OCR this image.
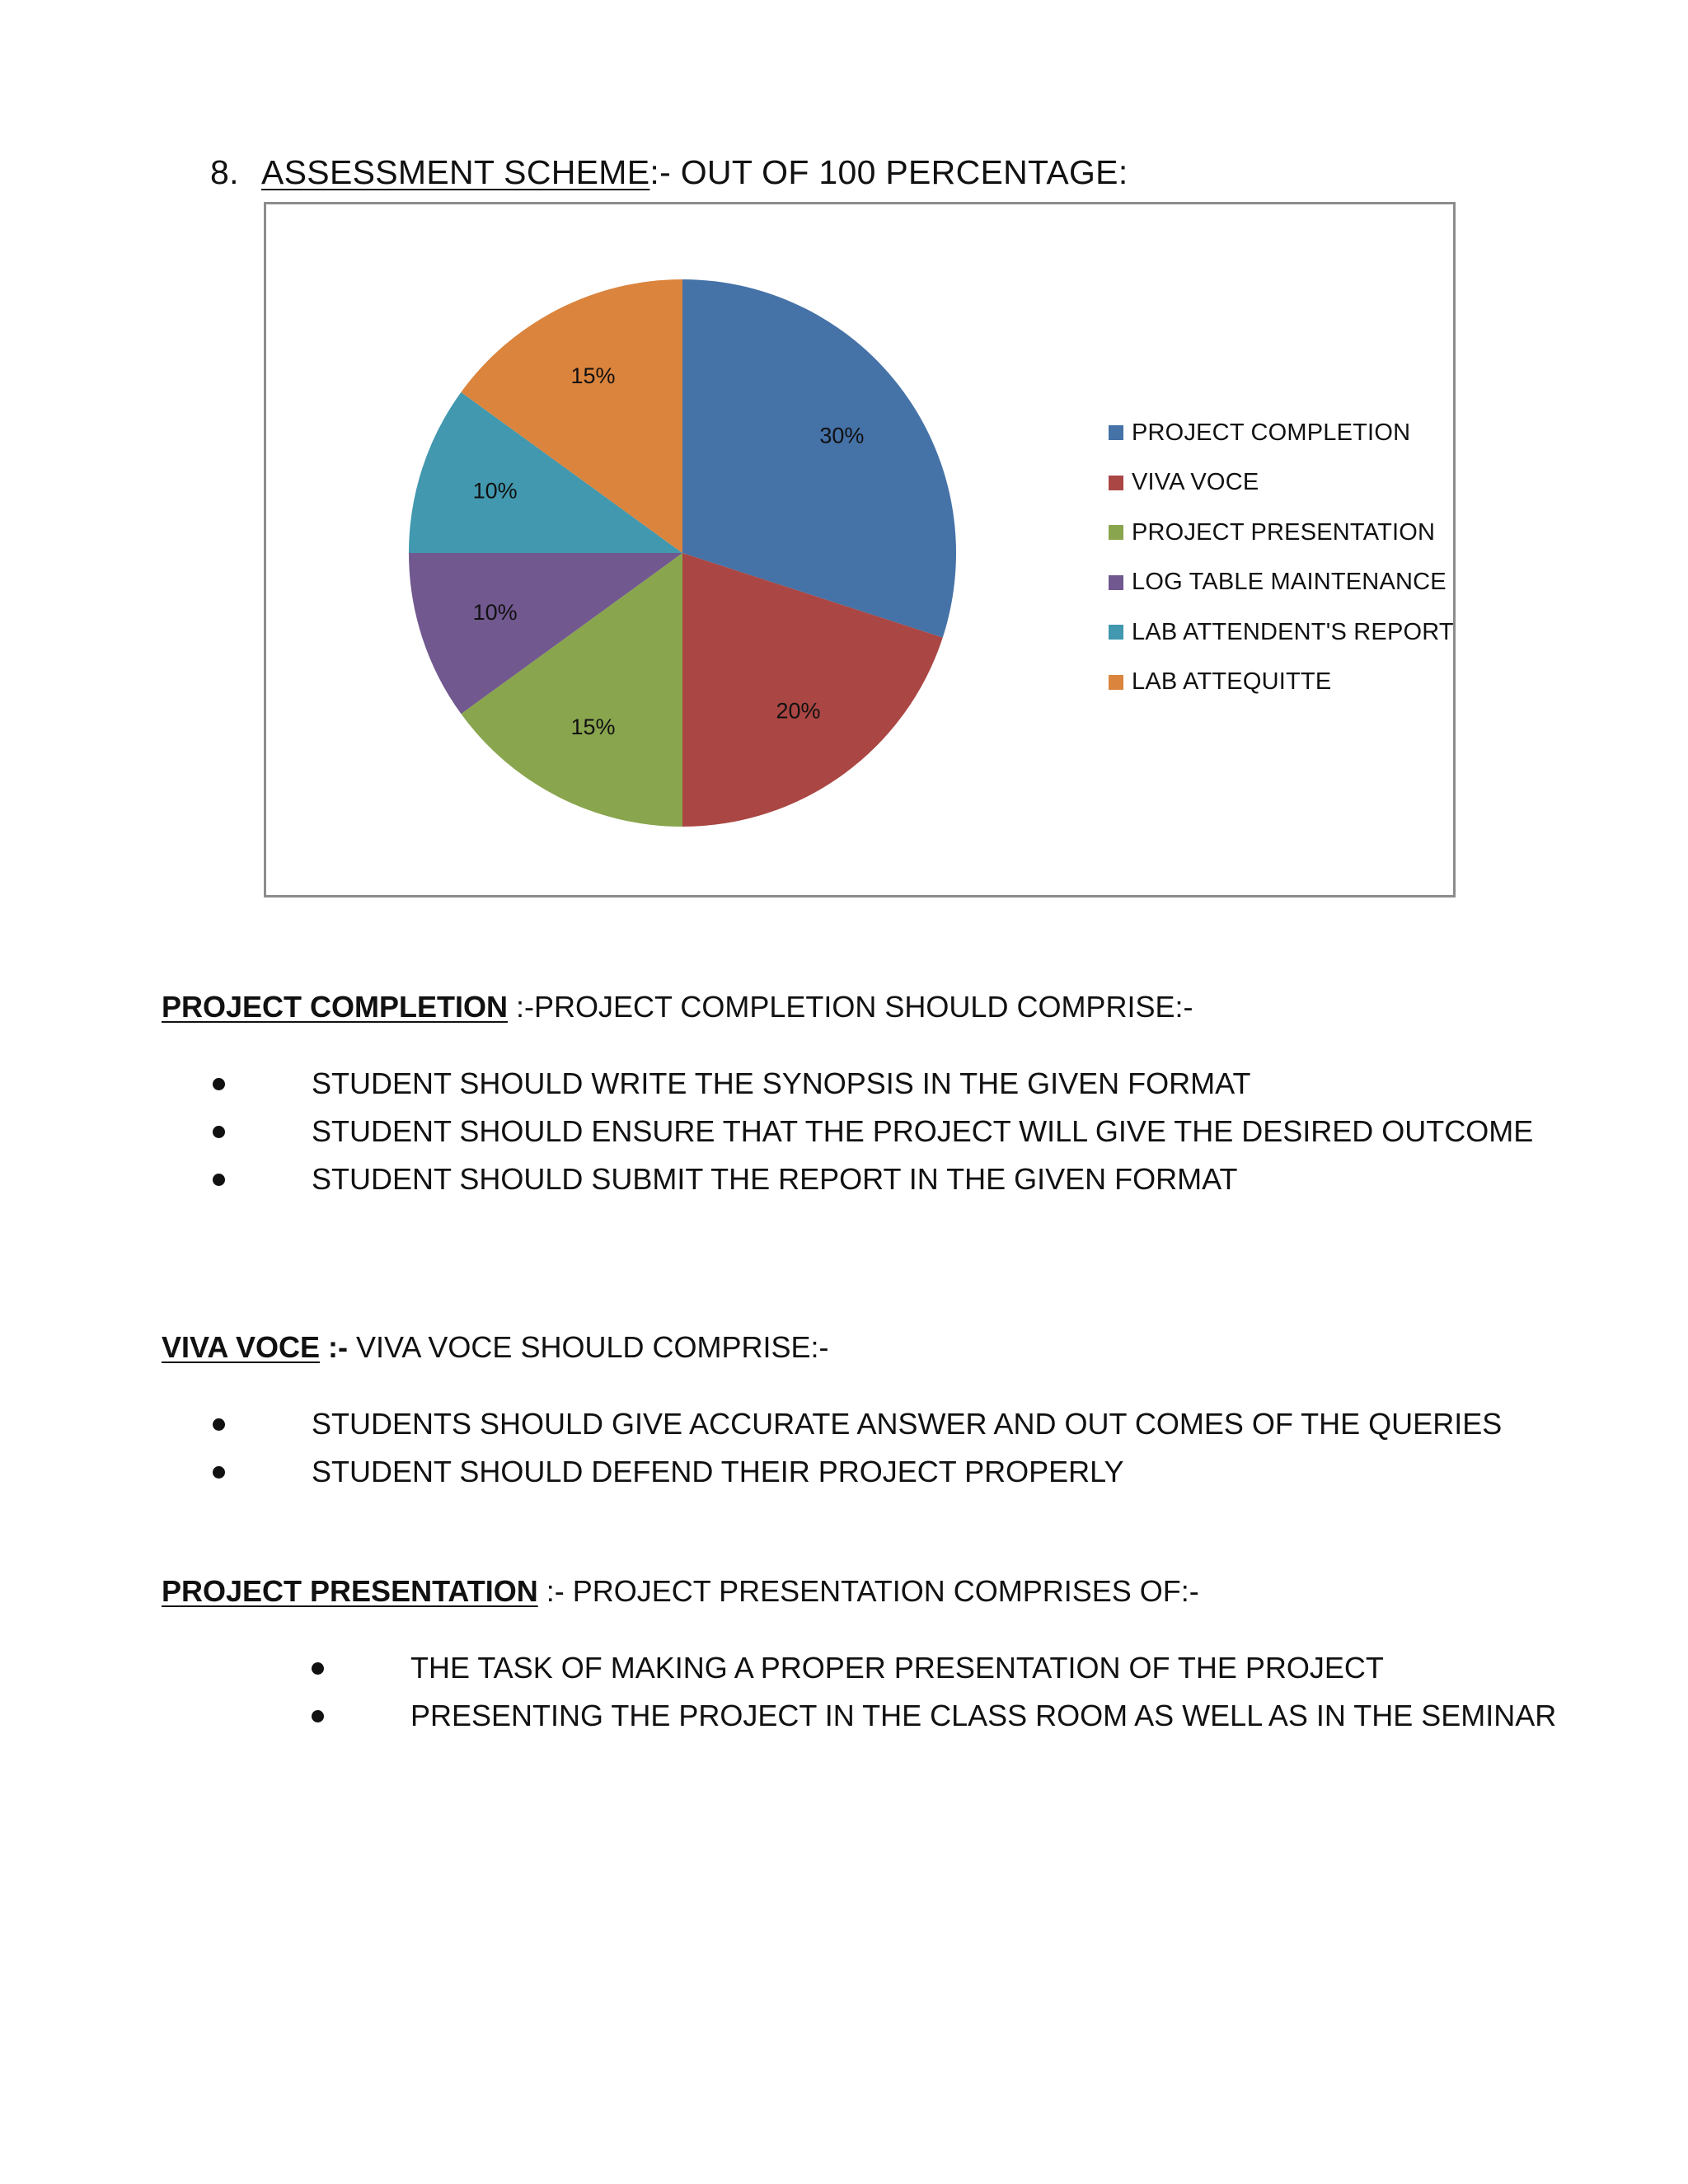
8. ASSESSMENT SCHEME:- OUT OF 100 PERCENTAGE:
30%
20%
15%
10%
10%
15%
PROJECT COMPLETION
VIVA VOCE
PROJECT PRESENTATION
LOG TABLE MAINTENANCE
LAB ATTENDENT'S REPORT
LAB ATTEQUITTE
PROJECT COMPLETION :-PROJECT COMPLETION SHOULD COMPRISE:-
STUDENT SHOULD WRITE THE SYNOPSIS IN THE GIVEN FORMAT
STUDENT SHOULD ENSURE THAT THE PROJECT WILL GIVE THE DESIRED OUTCOME
STUDENT SHOULD SUBMIT THE REPORT IN THE GIVEN FORMAT
VIVA VOCE :- VIVA VOCE SHOULD COMPRISE:-
STUDENTS SHOULD GIVE ACCURATE ANSWER AND OUT COMES OF THE QUERIES
STUDENT SHOULD DEFEND THEIR PROJECT PROPERLY
PROJECT PRESENTATION :- PROJECT PRESENTATION COMPRISES OF:-
THE TASK OF MAKING A PROPER PRESENTATION OF THE PROJECT
PRESENTING THE PROJECT IN THE CLASS ROOM AS WELL AS IN THE SEMINAR
